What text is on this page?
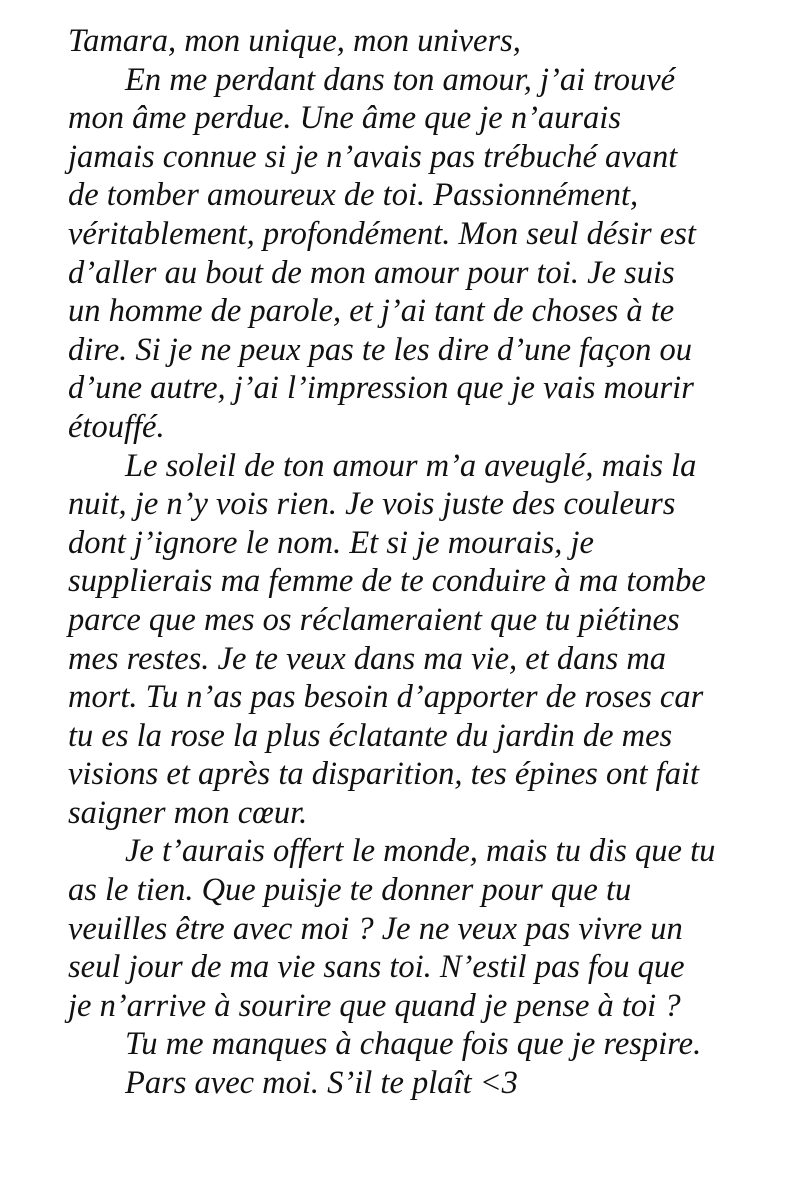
Tamara, mon unique, mon univers,
En me perdant dans ton amour, j’ai trouvé
mon âme perdue. Une âme que je n’aurais
jamais connue si je n’avais pas trébuché avant
de tomber amoureux de toi. Passionnément,
véritablement, profondément. Mon seul désir est
d’aller au bout de mon amour pour toi. Je suis
un homme de parole, et j’ai tant de choses à te
dire. Si je ne peux pas te les dire d’une façon ou
d’une autre, j’ai l’impression que je vais mourir
étouffé.
Le soleil de ton amour m’a aveuglé, mais la
nuit, je n’y vois rien. Je vois juste des couleurs
dont j’ignore le nom. Et si je mourais, je
supplierais ma femme de te conduire à ma tombe
parce que mes os réclameraient que tu piétines
mes restes. Je te veux dans ma vie, et dans ma
mort. Tu n’as pas besoin d’apporter de roses car
tu es la rose la plus éclatante du jardin de mes
visions et après ta disparition, tes épines ont fait
saigner mon cœur.
Je t’aurais offert le monde, mais tu dis que tu
as le tien. Que puisje te donner pour que tu
veuilles être avec moi ? Je ne veux pas vivre un
seul jour de ma vie sans toi. N’estil pas fou que
je n’arrive à sourire que quand je pense à toi ?
Tu me manques à chaque fois que je respire.
Pars avec moi. S’il te plaît <3
